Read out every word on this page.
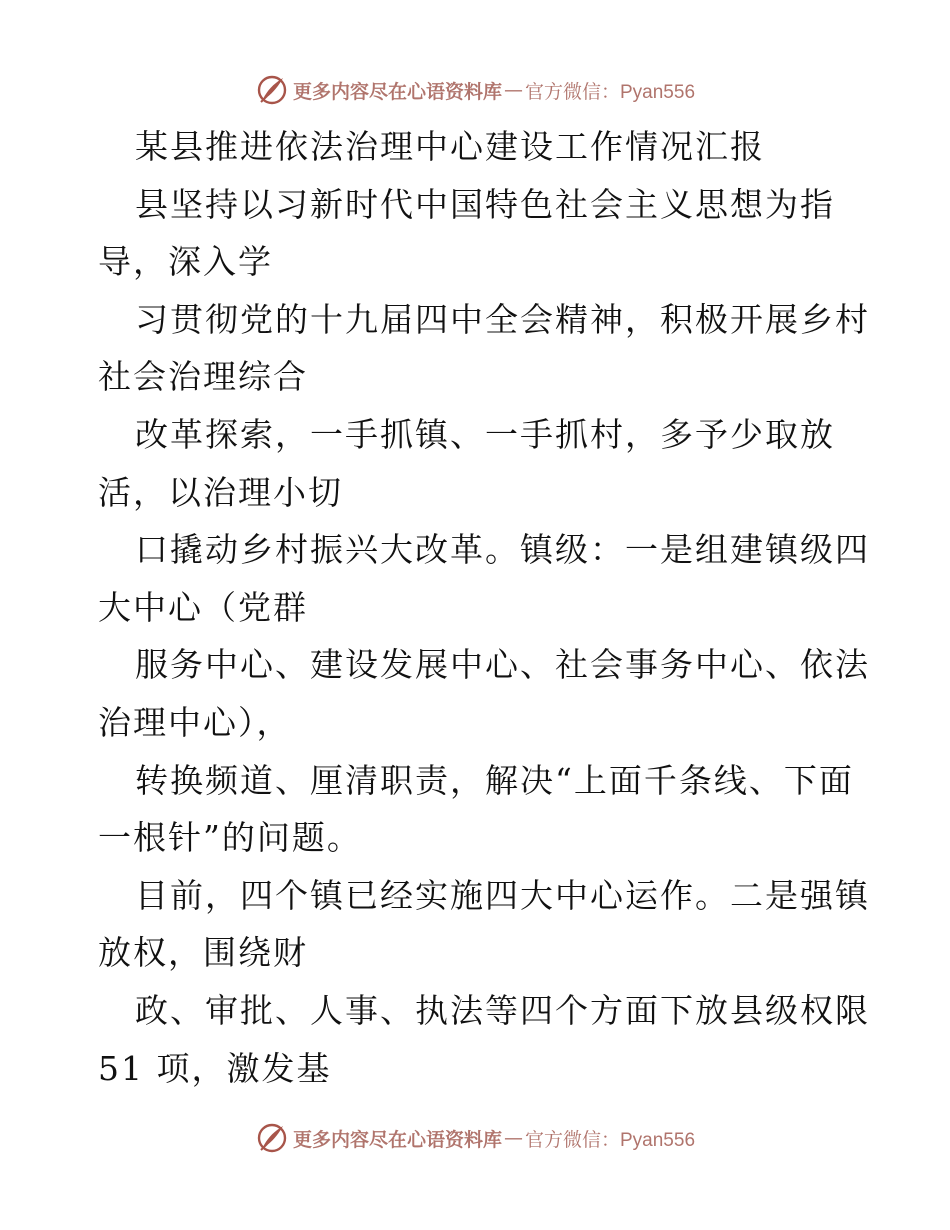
更多内容尽在心语资料库 — 官方微信：Pyan556
某县推进依法治理中心建设工作情况汇报
县坚持以习新时代中国特色社会主义思想为指
导，深入学
习贯彻党的十九届四中全会精神，积极开展乡村
社会治理综合
改革探索，一手抓镇、一手抓村，多予少取放
活，以治理小切
口撬动乡村振兴大改革。镇级：一是组建镇级四
大中心（党群
服务中心、建设发展中心、社会事务中心、依法
治理中心），
转换频道、厘清职责，解决“上面千条线、下面
一根针”的问题。
目前，四个镇已经实施四大中心运作。二是强镇
放权，围绕财
政、审批、人事、执法等四个方面下放县级权限
51 项，激发基
更多内容尽在心语资料库 — 官方微信：Pyan556
